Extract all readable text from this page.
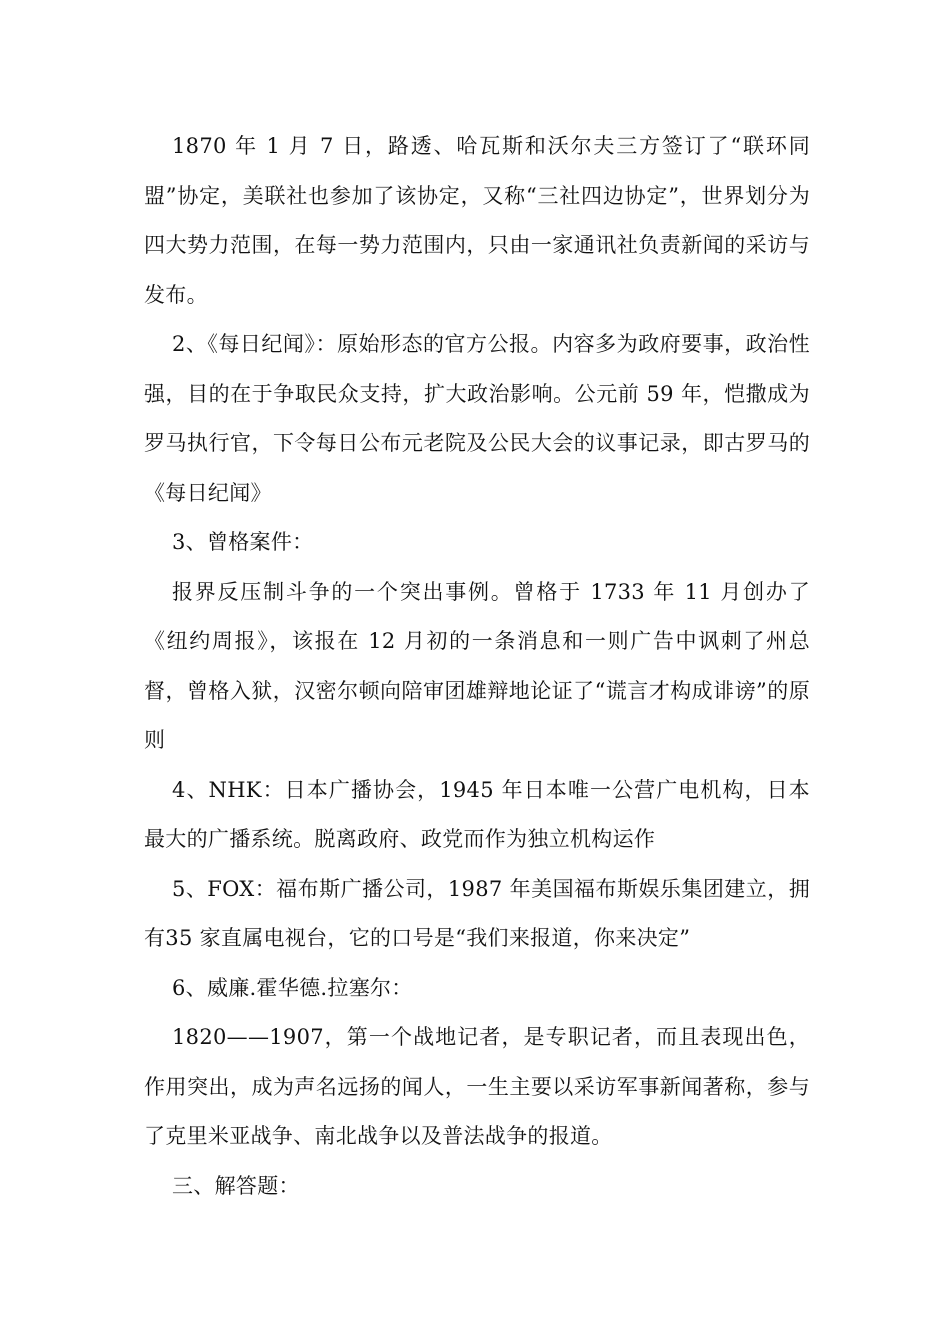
1870 年 1 月 7 日，路透、哈瓦斯和沃尔夫三方签订了“联环同盟”协定，美联社也参加了该协定，又称“三社四边协定”，世界划分为四大势力范围，在每一势力范围内，只由一家通讯社负责新闻的采访与发布。

2、《每日纪闻》：原始形态的官方公报。内容多为政府要事，政治性强，目的在于争取民众支持，扩大政治影响。公元前 59 年，恺撒成为罗马执行官，下令每日公布元老院及公民大会的议事记录，即古罗马的《每日纪闻》

3、曾格案件：

报界反压制斗争的一个突出事例。曾格于 1733 年 11 月创办了《纽约周报》，该报在 12 月初的一条消息和一则广告中讽刺了州总督，曾格入狱，汉密尔顿向陪审团雄辩地论证了“谎言才构成诽谤”的原则

4、NHK：日本广播协会，1945 年日本唯一公营广电机构，日本最大的广播系统。脱离政府、政党而作为独立机构运作

5、FOX：福布斯广播公司，1987 年美国福布斯娱乐集团建立，拥有35 家直属电视台，它的口号是“我们来报道，你来决定”

6、威廉.霍华德.拉塞尔：

1820——1907，第一个战地记者，是专职记者，而且表现出色，作用突出，成为声名远扬的闻人，一生主要以采访军事新闻著称，参与了克里米亚战争、南北战争以及普法战争的报道。

三、解答题：
